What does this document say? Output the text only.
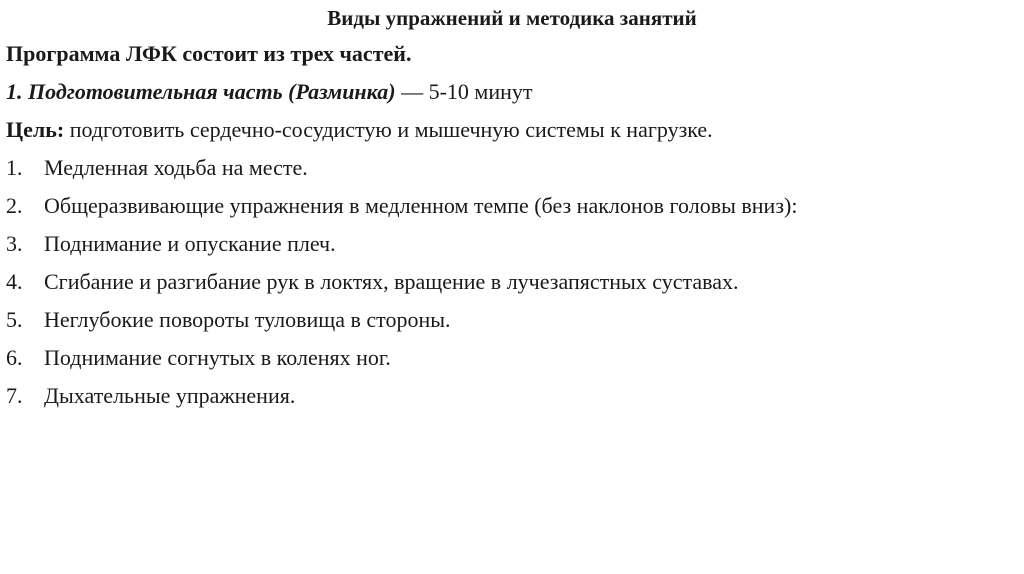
Виды упражнений и методика занятий
Программа ЛФК состоит из трех частей.
1. Подготовительная часть (Разминка) — 5-10 минут
Цель: подготовить сердечно-сосудистую и мышечную системы к нагрузке.
1. Медленная ходьба на месте.
2. Общеразвивающие упражнения в медленном темпе (без наклонов головы вниз):
3. Поднимание и опускание плеч.
4. Сгибание и разгибание рук в локтях, вращение в лучезапястных суставах.
5. Неглубокие повороты туловища в стороны.
6. Поднимание согнутых в коленях ног.
7. Дыхательные упражнения.
